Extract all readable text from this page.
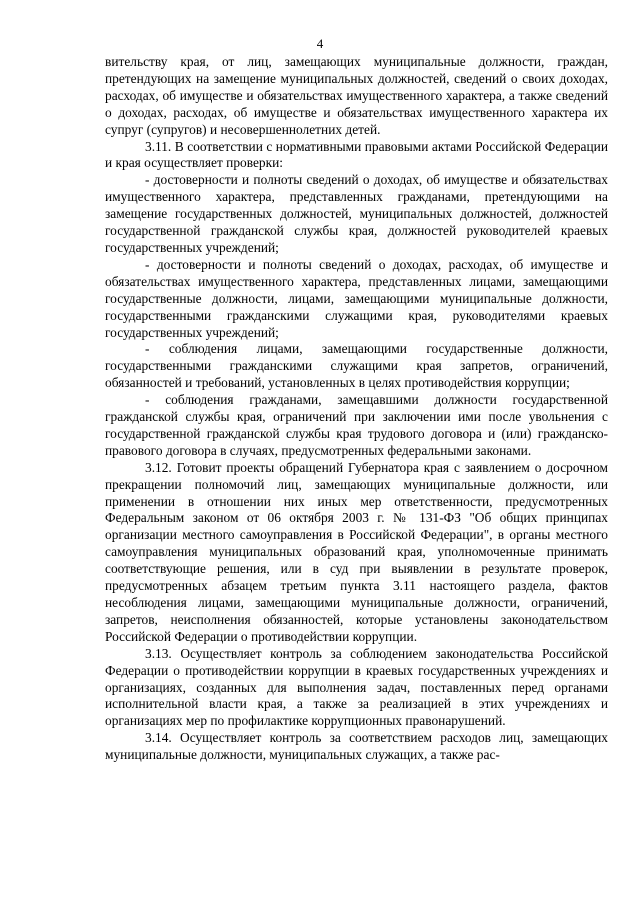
4

вительству края, от лиц, замещающих муниципальные должности, граждан, претендующих на замещение муниципальных должностей, сведений о своих доходах, расходах, об имуществе и обязательствах имущественного характера, а также сведений о доходах, расходах, об имуществе и обязательствах имущественного характера их супруг (супругов) и несовершеннолетних детей.

3.11. В соответствии с нормативными правовыми актами Российской Федерации и края осуществляет проверки:

- достоверности и полноты сведений о доходах, об имуществе и обязательствах имущественного характера, представленных гражданами, претендующими на замещение государственных должностей, муниципальных должностей, должностей государственной гражданской службы края, должностей руководителей краевых государственных учреждений;

- достоверности и полноты сведений о доходах, расходах, об имуществе и обязательствах имущественного характера, представленных лицами, замещающими государственные должности, лицами, замещающими муниципальные должности, государственными гражданскими служащими края, руководителями краевых государственных учреждений;

- соблюдения лицами, замещающими государственные должности, государственными гражданскими служащими края запретов, ограничений, обязанностей и требований, установленных в целях противодействия коррупции;

- соблюдения гражданами, замещавшими должности государственной гражданской службы края, ограничений при заключении ими после увольнения с государственной гражданской службы края трудового договора и (или) гражданско-правового договора в случаях, предусмотренных федеральными законами.

3.12. Готовит проекты обращений Губернатора края с заявлением о досрочном прекращении полномочий лиц, замещающих муниципальные должности, или применении в отношении них иных мер ответственности, предусмотренных Федеральным законом от 06 октября 2003 г. № 131-ФЗ "Об общих принципах организации местного самоуправления в Российской Федерации", в органы местного самоуправления муниципальных образований края, уполномоченные принимать соответствующие решения, или в суд при выявлении в результате проверок, предусмотренных абзацем третьим пункта 3.11 настоящего раздела, фактов несоблюдения лицами, замещающими муниципальные должности, ограничений, запретов, неисполнения обязанностей, которые установлены законодательством Российской Федерации о противодействии коррупции.

3.13. Осуществляет контроль за соблюдением законодательства Российской Федерации о противодействии коррупции в краевых государственных учреждениях и организациях, созданных для выполнения задач, поставленных перед органами исполнительной власти края, а также за реализацией в этих учреждениях и организациях мер по профилактике коррупционных правонарушений.

3.14. Осуществляет контроль за соответствием расходов лиц, замещающих муниципальные должности, муниципальных служащих, а также рас-
